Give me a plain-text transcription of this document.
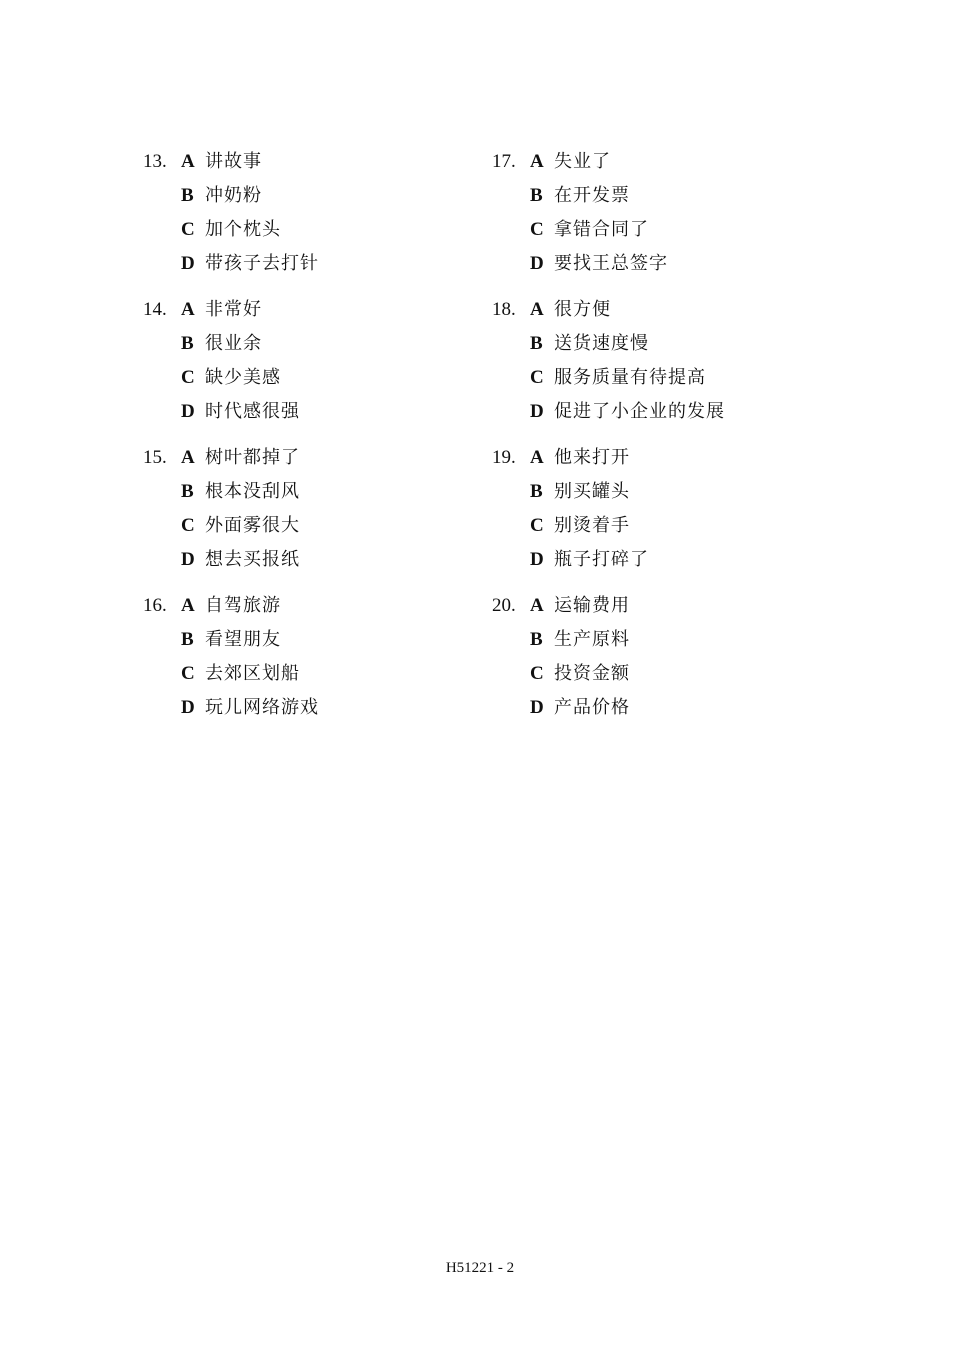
13. A 讲故事
B 冲奶粉
C 加个枕头
D 带孩子去打针
14. A 非常好
B 很业余
C 缺少美感
D 时代感很强
15. A 树叶都掉了
B 根本没刮风
C 外面雾很大
D 想去买报纸
16. A 自驾旅游
B 看望朋友
C 去郊区划船
D 玩儿网络游戏
17. A 失业了
B 在开发票
C 拿错合同了
D 要找王总签字
18. A 很方便
B 送货速度慢
C 服务质量有待提高
D 促进了小企业的发展
19. A 他来打开
B 别买罐头
C 别烫着手
D 瓶子打碎了
20. A 运输费用
B 生产原料
C 投资金额
D 产品价格
H51221 - 2
